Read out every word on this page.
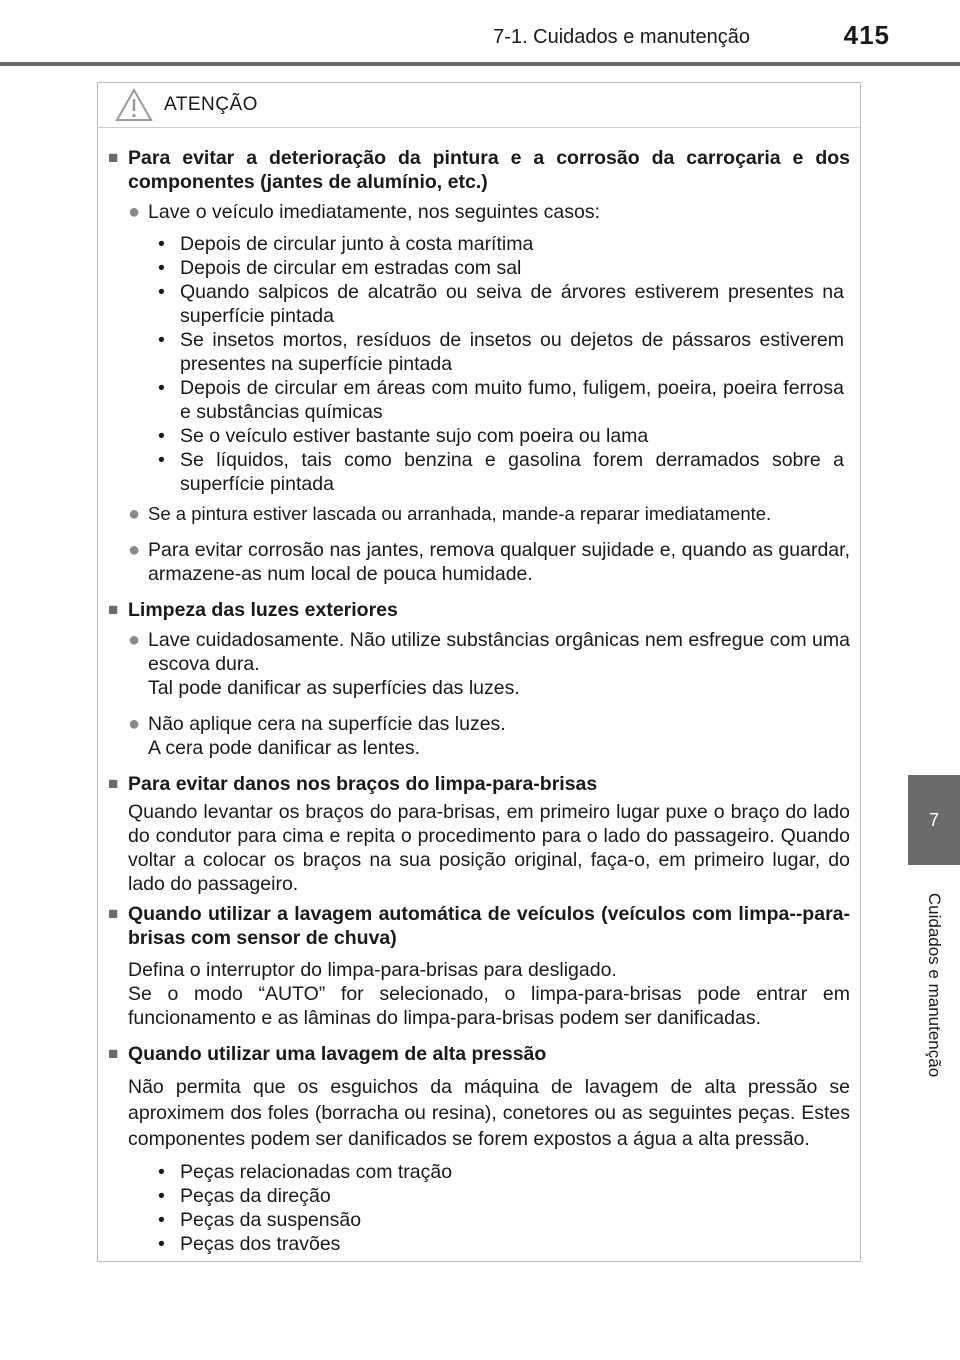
7-1. Cuidados e manutenção	415
7
Cuidados e manutenção
ATENÇÃO
■ Para evitar a deterioração da pintura e a corrosão da carroçaria e dos componentes (jantes de alumínio, etc.)
● Lave o veículo imediatamente, nos seguintes casos:
• Depois de circular junto à costa marítima
• Depois de circular em estradas com sal
• Quando salpicos de alcatrão ou seiva de árvores estiverem presentes na superfície pintada
• Se insetos mortos, resíduos de insetos ou dejetos de pássaros estiverem presentes na superfície pintada
• Depois de circular em áreas com muito fumo, fuligem, poeira, poeira ferrosa e substâncias químicas
• Se o veículo estiver bastante sujo com poeira ou lama
• Se líquidos, tais como benzina e gasolina forem derramados sobre a superfície pintada
● Se a pintura estiver lascada ou arranhada, mande-a reparar imediatamente.
● Para evitar corrosão nas jantes, remova qualquer sujidade e, quando as guardar, armazene-as num local de pouca humidade.
■ Limpeza das luzes exteriores
● Lave cuidadosamente. Não utilize substâncias orgânicas nem esfregue com uma escova dura.
Tal pode danificar as superfícies das luzes.
● Não aplique cera na superfície das luzes.
A cera pode danificar as lentes.
■ Para evitar danos nos braços do limpa-para-brisas
Quando levantar os braços do para-brisas, em primeiro lugar puxe o braço do lado do condutor para cima e repita o procedimento para o lado do passageiro. Quando voltar a colocar os braços na sua posição original, faça-o, em primeiro lugar, do lado do passageiro.
■ Quando utilizar a lavagem automática de veículos (veículos com limpa--para-brisas com sensor de chuva)
Defina o interruptor do limpa-para-brisas para desligado.
Se o modo “AUTO” for selecionado, o limpa-para-brisas pode entrar em funcionamento e as lâminas do limpa-para-brisas podem ser danificadas.
■ Quando utilizar uma lavagem de alta pressão
Não permita que os esguichos da máquina de lavagem de alta pressão se aproximem dos foles (borracha ou resina), conetores ou as seguintes peças. Estes componentes podem ser danificados se forem expostos a água a alta pressão.
• Peças relacionadas com tração
• Peças da direção
• Peças da suspensão
• Peças dos travões
